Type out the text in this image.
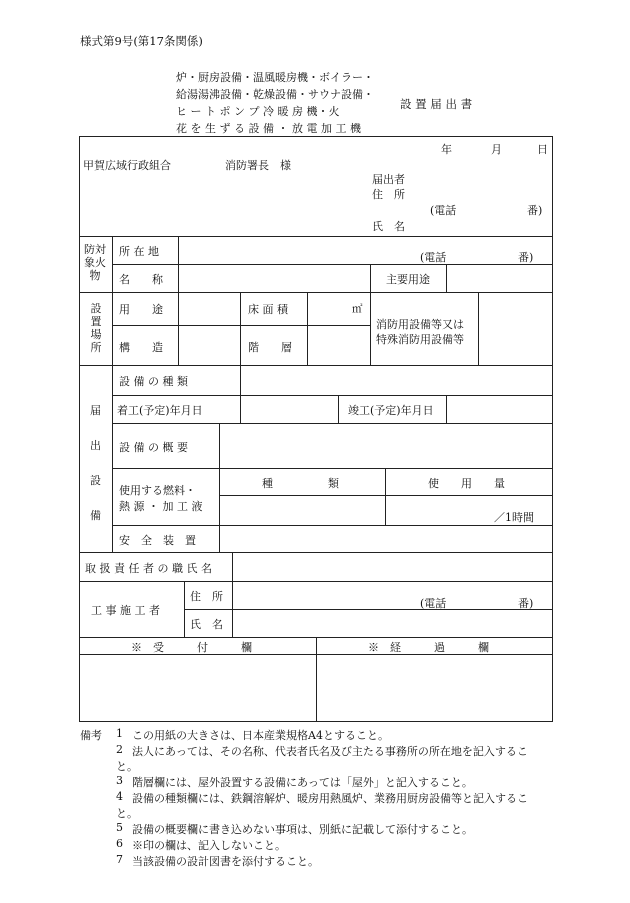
様式第9号(第17条関係)
炉・厨房設備・温風暖房機・ボイラー・
給湯湯沸設備・乾燥設備・サウナ設備・
ヒ ー ト ポ ン プ 冷 暖 房 機・火
花 を 生 ず る 設 備 ・ 放 電 加 工 機
設 置 届 出 書
年	月	日
甲賀広域行政組合	消防署長　様
届出者
住　所
(電話	番)
氏　名
防対象火物
所 在 地	(電話	番)
名　　称	主要用途
設置場所
用　　途	床 面 積	㎡
消防用設備等又は
特殊消防用設備等
構　　造	階　　層
届
出
設
備
設 備 の 種 類
着工(予定)年月日	竣工(予定)年月日
設 備 の 概 要
使用する燃料・
熱 源 ・ 加 工 液
種　　　　　類	使　　用　　量
／1時間
安　全　装　置
取 扱 責 任 者 の 職 氏 名
工 事 施 工 者
住　所
(電話	番)
氏　名
※　受　　　付　　　欄	※　経　　　過　　　欄
備考 1 この用紙の大きさは、日本産業規格A4とすること。
2 法人にあっては、その名称、代表者氏名及び主たる事務所の所在地を記入するこ
と。
3 階層欄には、屋外設置する設備にあっては「屋外」と記入すること。
4 設備の種類欄には、鉄鋼溶解炉、暖房用熱風炉、業務用厨房設備等と記入するこ
と。
5 設備の概要欄に書き込めない事項は、別紙に記載して添付すること。
6 ※印の欄は、記入しないこと。
7 当該設備の設計図書を添付すること。
